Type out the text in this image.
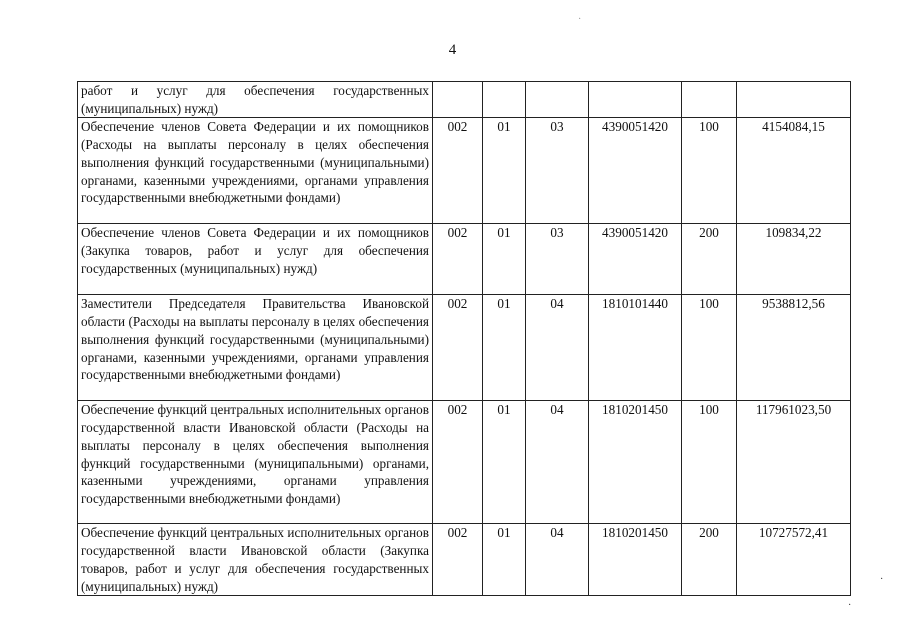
4
работ и услуг для обеспечения государственных (муниципальных) нужд)						
Обеспечение членов Совета Федерации и их помощников (Расходы на выплаты персоналу в целях обеспечения выполнения функций государственными (муниципальными) органами, казенными учреждениями, органами управления государственными внебюджетными фондами)	002	01	03	4390051420	100	4154084,15
Обеспечение членов Совета Федерации и их помощников (Закупка товаров, работ и услуг для обеспечения государственных (муниципальных) нужд)	002	01	03	4390051420	200	109834,22
Заместители Председателя Правительства Ивановской области (Расходы на выплаты персоналу в целях обеспечения выполнения функций государственными (муниципальными) органами, казенными учреждениями, органами управления государственными внебюджетными фондами)	002	01	04	1810101440	100	9538812,56
Обеспечение функций центральных исполнительных органов государственной власти Ивановской области (Расходы на выплаты персоналу в целях обеспечения выполнения функций государственными (муниципальными) органами, казенными учреждениями, органами управления государственными внебюджетными фондами)	002	01	04	1810201450	100	117961023,50
Обеспечение функций центральных исполнительных органов государственной власти Ивановской области (Закупка товаров, работ и услуг для обеспечения государственных (муниципальных) нужд)	002	01	04	1810201450	200	10727572,41
·
·
·
